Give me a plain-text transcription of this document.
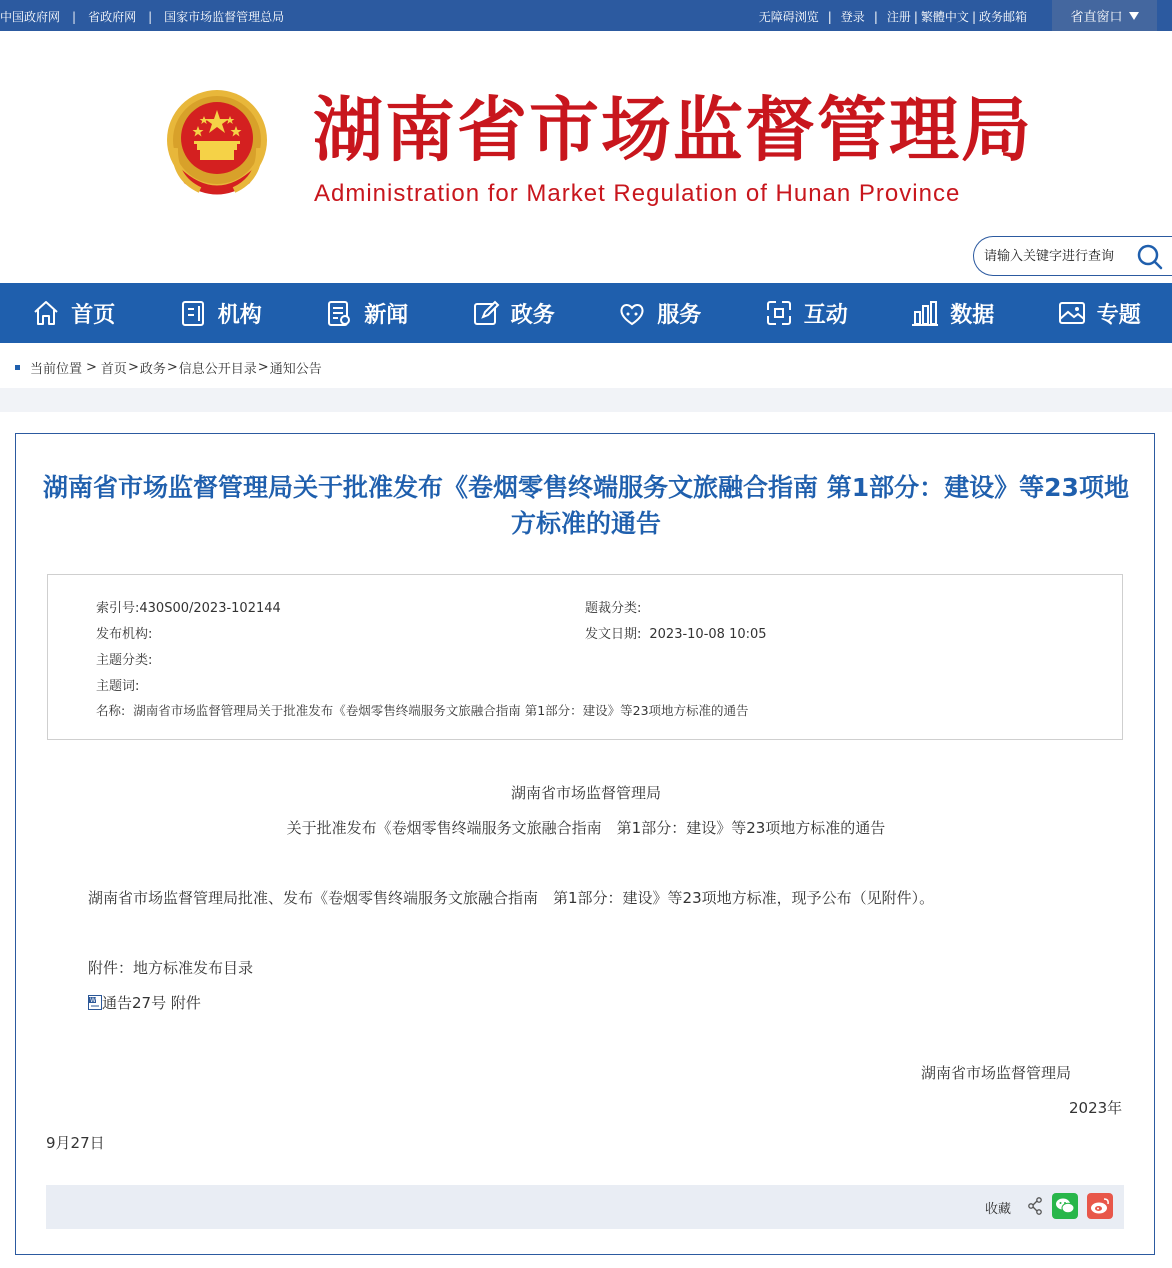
中国政府网 | 省政府网 | 国家市场监督管理总局	无障碍浏览 | 登录 | 注册 | 繁體中文 | 政务邮箱	省直窗口
湖南省市场监督管理局
Administration for Market Regulation of Hunan Province
请输入关键字进行查询
首页	机构	新闻	政务	服务	互动	数据	专题
当前位置 > 首页 > 政务 > 信息公开目录 > 通知公告
湖南省市场监督管理局关于批准发布《卷烟零售终端服务文旅融合指南 第1部分：建设》等23项地
方标准的通告
索引号:430S00/2023-102144	题裁分类:
发布机构:	发文日期: 2023-10-08 10:05
主题分类:
主题词:
名称: 湖南省市场监督管理局关于批准发布《卷烟零售终端服务文旅融合指南 第1部分：建设》等23项地方标准的通告
湖南省市场监督管理局
关于批准发布《卷烟零售终端服务文旅融合指南　第1部分：建设》等23项地方标准的通告
湖南省市场监督管理局批准、发布《卷烟零售终端服务文旅融合指南　第1部分：建设》等23项地方标准，现予公布（见附件）。
附件：地方标准发布目录
W 通告27号 附件
湖南省市场监督管理局
2023年
9月27日
收藏
